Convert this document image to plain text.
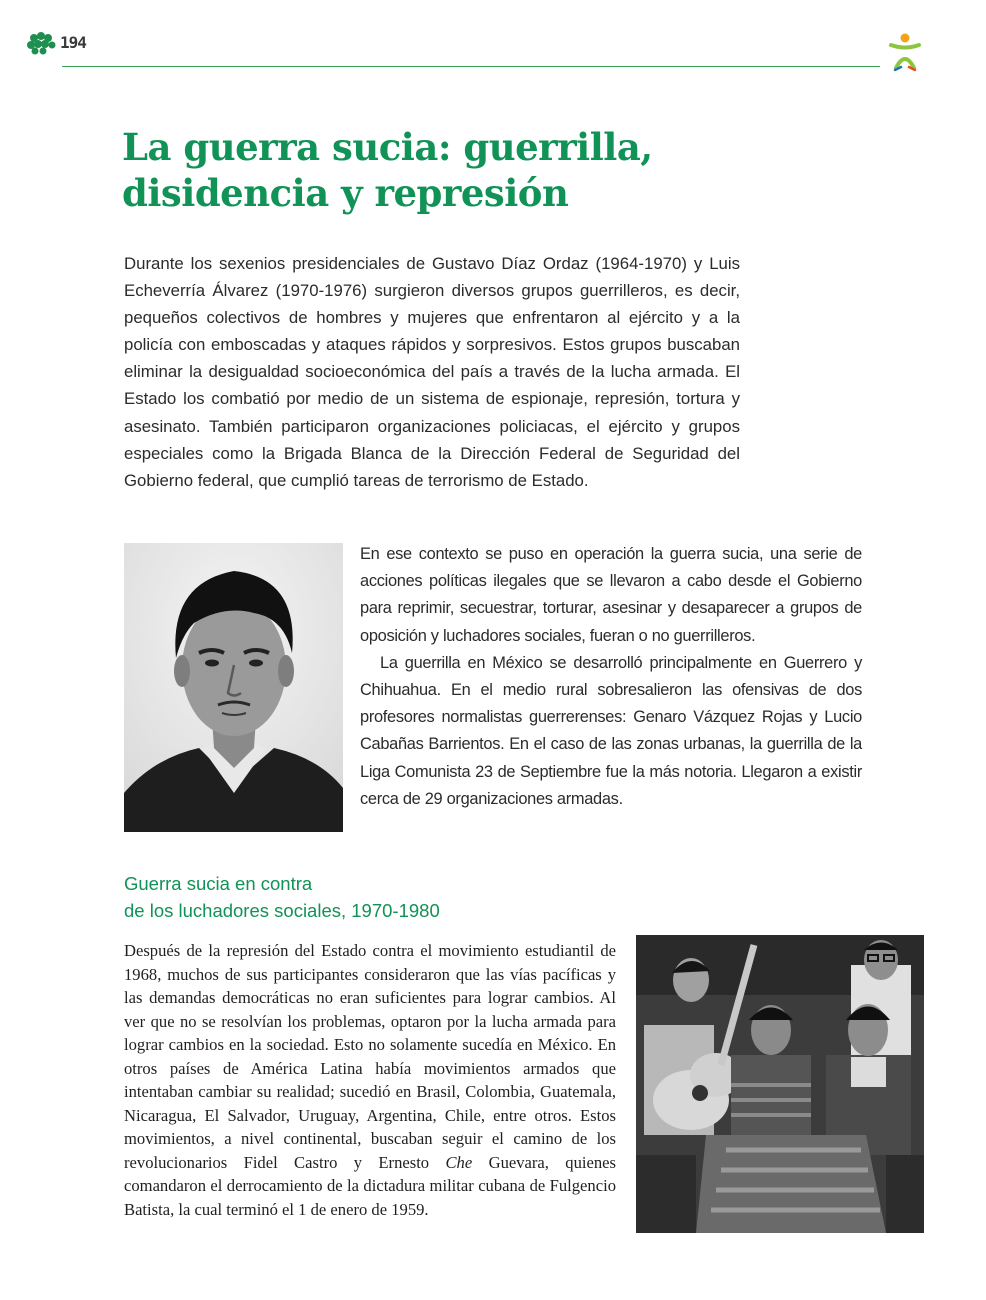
194
La guerra sucia: guerrilla,
disidencia y represión

Durante los sexenios presidenciales de Gustavo Díaz Ordaz (1964-1970) y Luis Echeverría Álvarez (1970-1976) surgieron diversos grupos guerrilleros, es decir, pequeños colectivos de hombres y mujeres que enfrentaron al ejército y a la policía con emboscadas y ataques rápidos y sorpresivos. Estos grupos buscaban eliminar la desigualdad socioeconómica del país a través de la lucha armada. El Estado los combatió por medio de un sistema de espionaje, represión, tortura y asesinato. También participaron organizaciones policiacas, el ejército y grupos especiales como la Brigada Blanca de la Dirección Federal de Seguridad del Gobierno federal, que cumplió tareas de terrorismo de Estado.

En ese contexto se puso en operación la guerra sucia, una serie de acciones políticas ilegales que se llevaron a cabo desde el Gobierno para reprimir, secuestrar, torturar, asesinar y desaparecer a grupos de oposición y luchadores sociales, fueran o no guerrilleros.

La guerrilla en México se desarrolló principalmente en Guerrero y Chihuahua. En el medio rural sobresalieron las ofensivas de dos profesores normalistas guerrerenses: Genaro Vázquez Rojas y Lucio Cabañas Barrientos. En el caso de las zonas urbanas, la guerrilla de la Liga Comunista 23 de Septiembre fue la más notoria. Llegaron a existir cerca de 29 organizaciones armadas.

Guerra sucia en contra
de los luchadores sociales, 1970-1980

Después de la represión del Estado contra el movimiento estudiantil de 1968, muchos de sus participantes consideraron que las vías pacíficas y las demandas democráticas no eran suficientes para lograr cambios. Al ver que no se resolvían los problemas, optaron por la lucha armada para lograr cambios en la sociedad. Esto no solamente sucedía en México. En otros países de América Latina había movimientos armados que intentaban cambiar su realidad; sucedió en Brasil, Colombia, Guatemala, Nicaragua, El Salvador, Uruguay, Argentina, Chile, entre otros. Estos movimientos, a nivel continental, buscaban seguir el camino de los revolucionarios Fidel Castro y Ernesto Che Guevara, quienes comandaron el derrocamiento de la dictadura militar cubana de Fulgencio Batista, la cual terminó el 1 de enero de 1959.
